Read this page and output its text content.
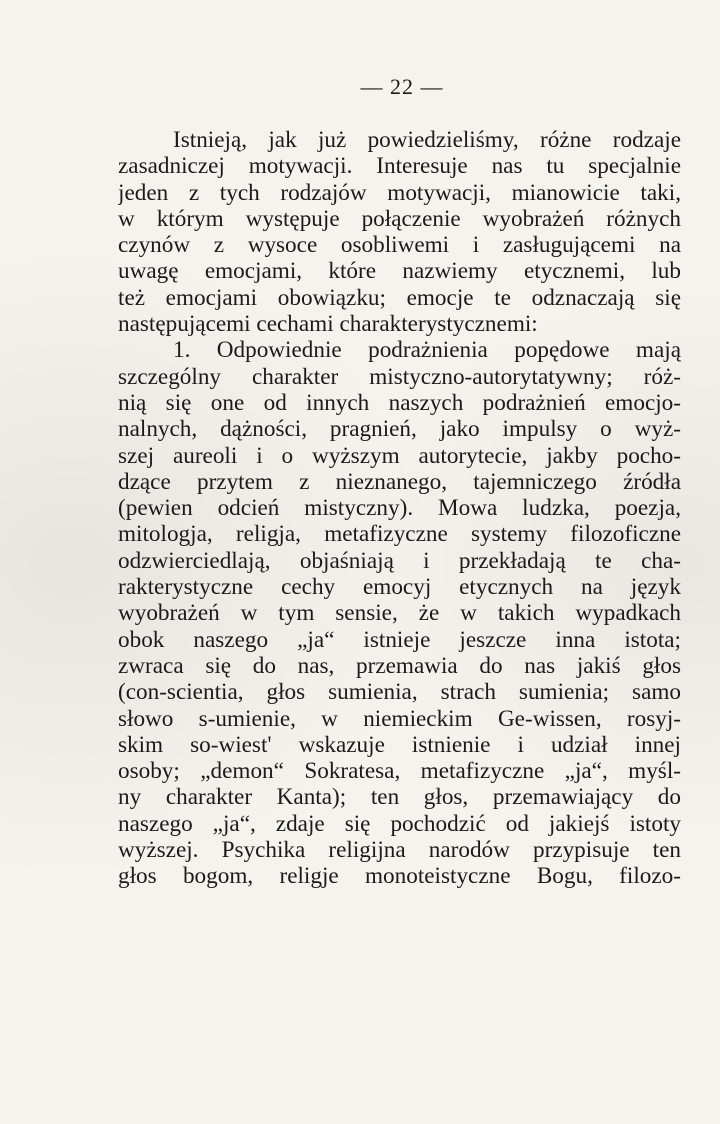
— 22 —
Istnieją, jak już powiedzieliśmy, różne rodzaje
zasadniczej motywacji. Interesuje nas tu specjalnie
jeden z tych rodzajów motywacji, mianowicie taki,
w którym występuje połączenie wyobrażeń różnych
czynów z wysoce osobliwemi i zasługującemi na
uwagę emocjami, które nazwiemy etycznemi, lub
też emocjami obowiązku; emocje te odznaczają się
następującemi cechami charakterystycznemi:
1. Odpowiednie podrażnienia popędowe mają
szczególny charakter mistyczno-autorytatywny; róż-
nią się one od innych naszych podrażnień emocjo-
nalnych, dążności, pragnień, jako impulsy o wyż-
szej aureoli i o wyższym autorytecie, jakby pocho-
dzące przytem z nieznanego, tajemniczego źródła
(pewien odcień mistyczny). Mowa ludzka, poezja,
mitologja, religja, metafizyczne systemy filozoficzne
odzwierciedlają, objaśniają i przekładają te cha-
rakterystyczne cechy emocyj etycznych na język
wyobrażeń w tym sensie, że w takich wypadkach
obok naszego „ja“ istnieje jeszcze inna istota;
zwraca się do nas, przemawia do nas jakiś głos
(con-scientia, głos sumienia, strach sumienia; samo
słowo s-umienie, w niemieckim Ge-wissen, rosyj-
skim so-wiest' wskazuje istnienie i udział innej
osoby; „demon“ Sokratesa, metafizyczne „ja“, myśl-
ny charakter Kanta); ten głos, przemawiający do
naszego „ja“, zdaje się pochodzić od jakiejś istoty
wyższej. Psychika religijna narodów przypisuje ten
głos bogom, religje monoteistyczne Bogu, filozo-
